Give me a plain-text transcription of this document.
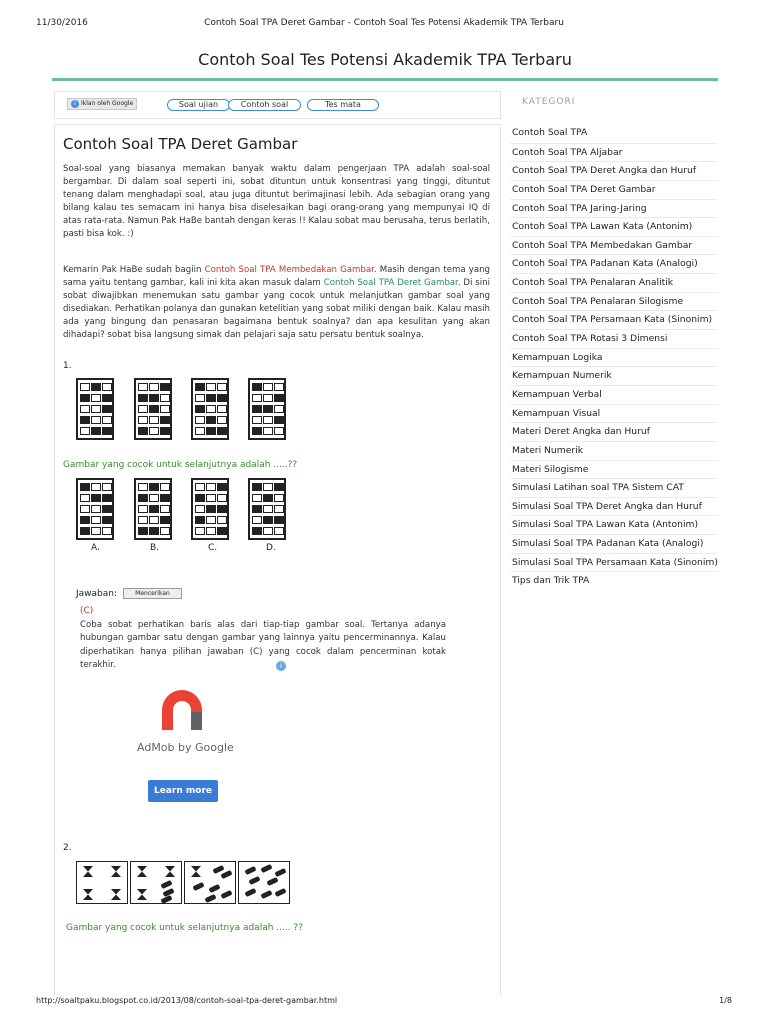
11/30/2016	Contoh Soal TPA Deret Gambar - Contoh Soal Tes Potensi Akademik TPA Terbaru
Contoh Soal Tes Potensi Akademik TPA Terbaru
i Iklan oleh Google	Soal ujian	Contoh soal	Tes mata	KATEGORI
Contoh Soal TPA
Contoh Soal TPA Aljabar
Contoh Soal TPA Deret Angka dan Huruf
Contoh Soal TPA Deret Gambar
Contoh Soal TPA Jaring-Jaring
Contoh Soal TPA Lawan Kata (Antonim)
Contoh Soal TPA Membedakan Gambar
Contoh Soal TPA Padanan Kata (Analogi)
Contoh Soal TPA Penalaran Analitik
Contoh Soal TPA Penalaran Silogisme
Contoh Soal TPA Persamaan Kata (Sinonim)
Contoh Soal TPA Rotasi 3 Dimensi
Kemampuan Logika
Kemampuan Numerik
Kemampuan Verbal
Kemampuan Visual
Materi Deret Angka dan Huruf
Materi Numerik
Materi Silogisme
Simulasi Latihan soal TPA Sistem CAT
Simulasi Soal TPA Deret Angka dan Huruf
Simulasi Soal TPA Lawan Kata (Antonim)
Simulasi Soal TPA Padanan Kata (Analogi)
Simulasi Soal TPA Persamaan Kata (Sinonim)
Tips dan Trik TPA
Contoh Soal TPA Deret Gambar
Soal-soal yang biasanya memakan banyak waktu dalam pengerjaan TPA adalah soal-soal bergambar. Di dalam soal seperti ini, sobat dituntun untuk konsentrasi yang tinggi, dituntut tenang dalam menghadapi soal, atau juga dituntut berimajinasi lebih. Ada sebagian orang yang bilang kalau tes semacam ini hanya bisa diselesaikan bagi orang-orang yang mempunyai IQ di atas rata-rata. Namun Pak HaBe bantah dengan keras !! Kalau sobat mau berusaha, terus berlatih, pasti bisa kok. :)
Kemarin Pak HaBe sudah bagiin Contoh Soal TPA Membedakan Gambar. Masih dengan tema yang sama yaitu tentang gambar, kali ini kita akan masuk dalam Contoh Soal TPA Deret Gambar. Di sini sobat diwajibkan menemukan satu gambar yang cocok untuk melanjutkan gambar soal yang disediakan. Perhatikan polanya dan gunakan ketelitian yang sobat miliki dengan baik. Kalau masih ada yang bingung dan penasaran bagaimana bentuk soalnya? dan apa kesulitan yang akan dihadapi? sobat bisa langsung simak dan pelajari saja satu persatu bentuk soalnya.
1.
Gambar yang cocok untuk selanjutnya adalah .....??
A.	B.	C.	D.
Jawaban:	Mencerikan
(C)
Coba sobat perhatikan baris alas dari tiap-tiap gambar soal. Tertanya adanya hubungan gambar satu dengan gambar yang lainnya yaitu pencerminannya. Kalau diperhatikan hanya pilihan jawaban (C) yang cocok dalam pencerminan kotak terakhir.	i
AdMob by Google
Learn more
2.
Gambar yang cocok untuk selanjutnya adalah ..... ??
http://soaltpaku.blogspot.co.id/2013/08/contoh-soal-tpa-deret-gambar.html	1/8
